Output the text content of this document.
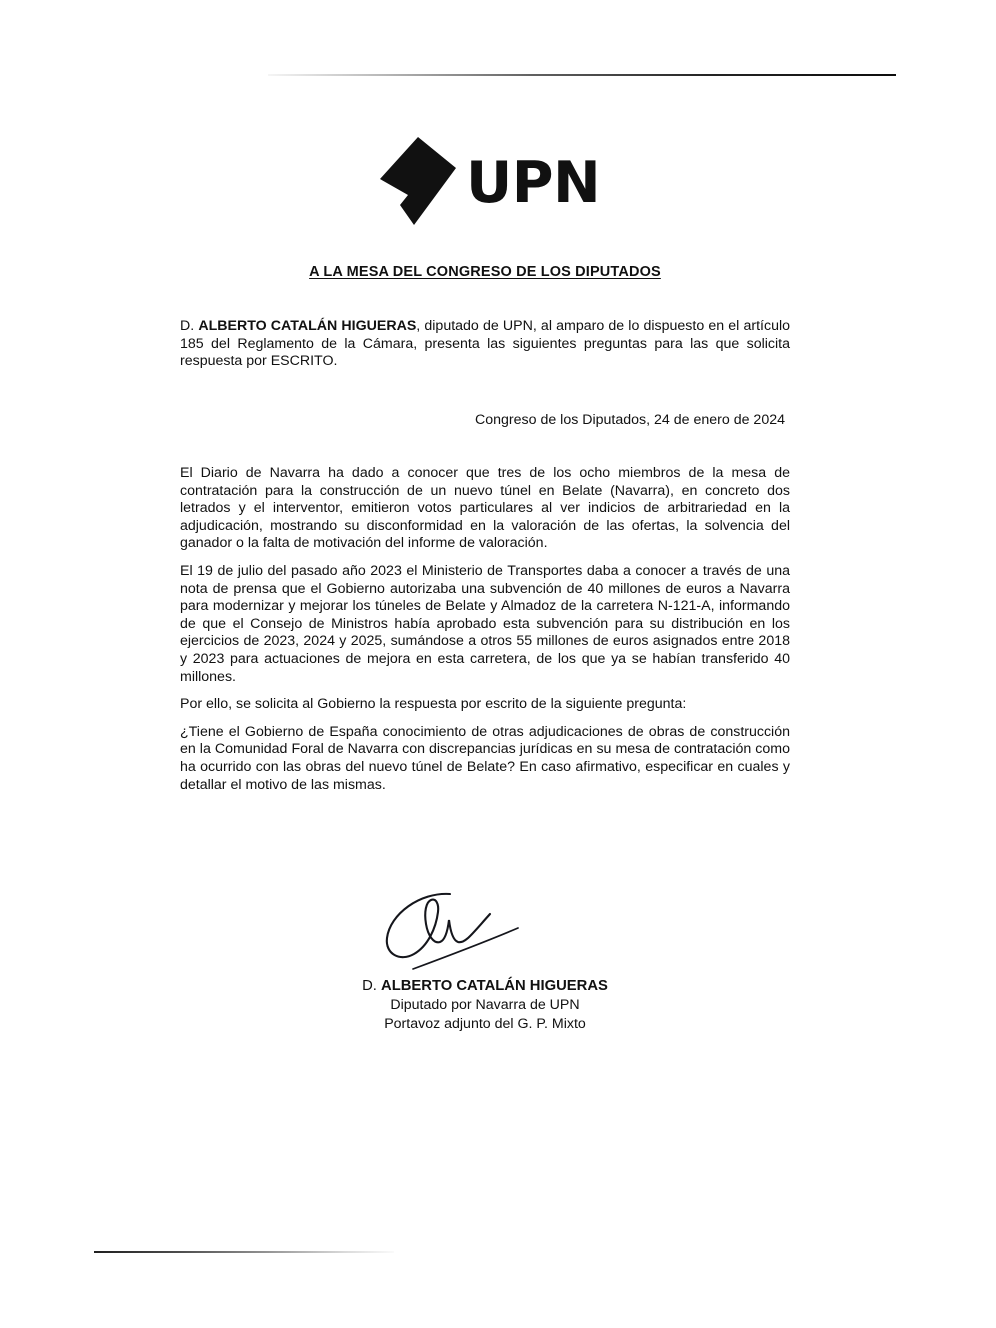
UPN
A LA MESA DEL CONGRESO DE LOS DIPUTADOS

D. ALBERTO CATALÁN HIGUERAS, diputado de UPN, al amparo de lo dispuesto en el artículo 185 del Reglamento de la Cámara, presenta las siguientes preguntas para las que solicita respuesta por ESCRITO.

Congreso de los Diputados, 24 de enero de 2024

El Diario de Navarra ha dado a conocer que tres de los ocho miembros de la mesa de contratación para la construcción de un nuevo túnel en Belate (Navarra), en concreto dos letrados y el interventor, emitieron votos particulares al ver indicios de arbitrariedad en la adjudicación, mostrando su disconformidad en la valoración de las ofertas, la solvencia del ganador o la falta de motivación del informe de valoración.

El 19 de julio del pasado año 2023 el Ministerio de Transportes daba a conocer a través de una nota de prensa que el Gobierno autorizaba una subvención de 40 millones de euros a Navarra para modernizar y mejorar los túneles de Belate y Almadoz de la carretera N-121-A, informando de que el Consejo de Ministros había aprobado esta subvención para su distribución en los ejercicios de 2023, 2024 y 2025, sumándose a otros 55 millones de euros asignados entre 2018 y 2023 para actuaciones de mejora en esta carretera, de los que ya se habían transferido 40 millones.

Por ello, se solicita al Gobierno la respuesta por escrito de la siguiente pregunta:

¿Tiene el Gobierno de España conocimiento de otras adjudicaciones de obras de construcción en la Comunidad Foral de Navarra con discrepancias jurídicas en su mesa de contratación como ha ocurrido con las obras del nuevo túnel de Belate? En caso afirmativo, especificar en cuales y detallar el motivo de las mismas.

D. ALBERTO CATALÁN HIGUERAS
Diputado por Navarra de UPN
Portavoz adjunto del G. P. Mixto
